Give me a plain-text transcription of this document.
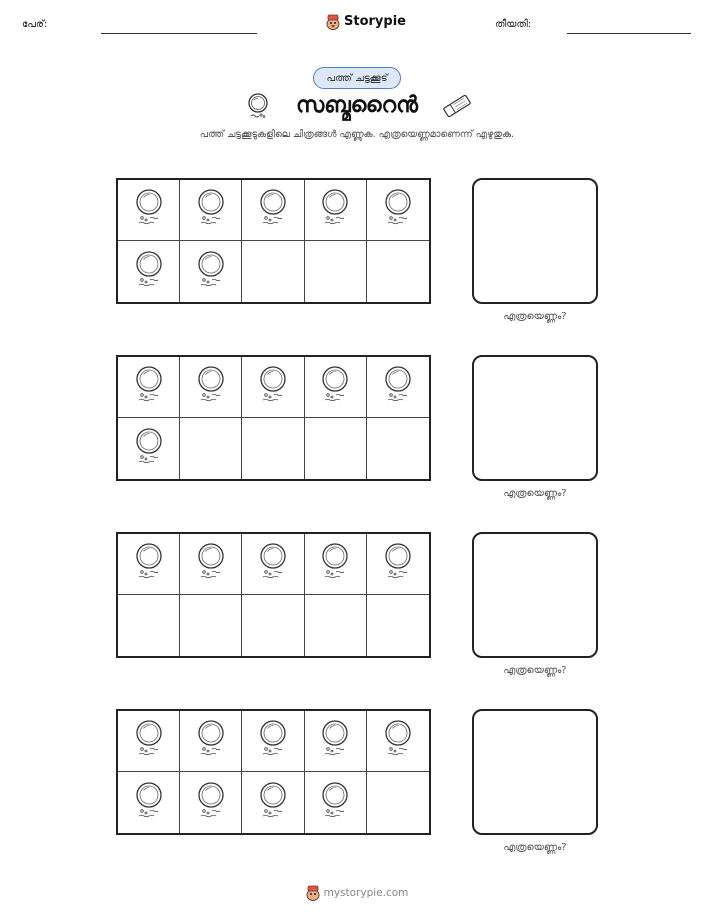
പേര്:	Storypie	തീയതി:
പത്ത് ചട്ടക്കൂട്
സബ്മറൈൻ
പത്ത് ചട്ടക്കൂടുകളിലെ ചിത്രങ്ങൾ എണ്ണുക. എത്രയെണ്ണമാണെന്ന് എഴുതുക.
എത്രയെണ്ണം?
എത്രയെണ്ണം?
എത്രയെണ്ണം?
എത്രയെണ്ണം?
mystorypie.com
